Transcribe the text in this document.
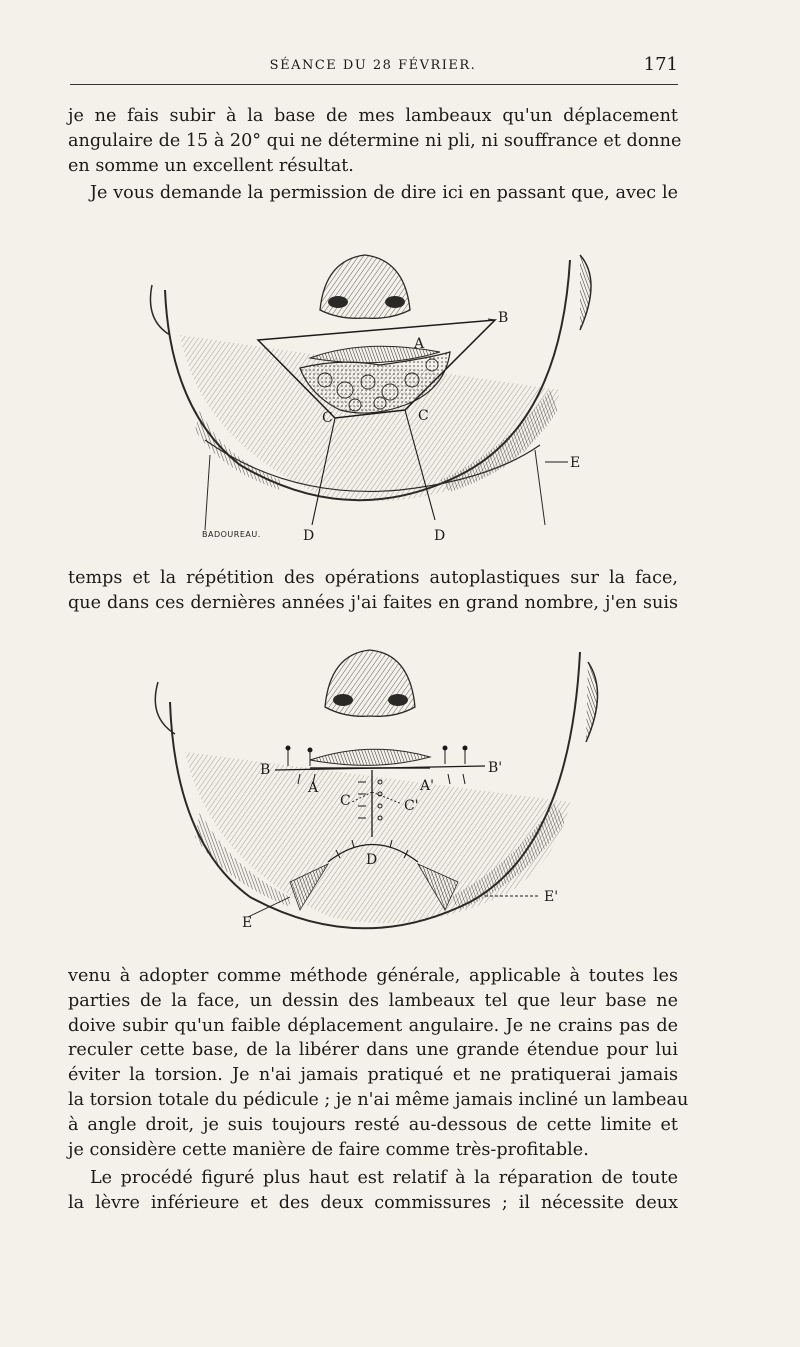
SÉANCE DU 28 FÉVRIER.	171

je ne fais subir à la base de mes lambeaux qu'un déplacement
angulaire de 15 à 20° qui ne détermine ni pli, ni souffrance et donne
en somme un excellent résultat.

Je vous demande la permission de dire ici en passant que, avec le

A
B
C	C
D	D
E
BADOUREAU.

temps et la répétition des opérations autoplastiques sur la face,
que dans ces dernières années j'ai faites en grand nombre, j'en suis

B	B'
A	A'
C	C'
D
E
E'

venu à adopter comme méthode générale, applicable à toutes les
parties de la face, un dessin des lambeaux tel que leur base ne
doive subir qu'un faible déplacement angulaire. Je ne crains pas de
reculer cette base, de la libérer dans une grande étendue pour lui
éviter la torsion. Je n'ai jamais pratiqué et ne pratiquerai jamais
la torsion totale du pédicule ; je n'ai même jamais incliné un lambeau
à angle droit, je suis toujours resté au-dessous de cette limite et
je considère cette manière de faire comme très-profitable.

Le procédé figuré plus haut est relatif à la réparation de toute
la lèvre inférieure et des deux commissures ; il nécessite deux
